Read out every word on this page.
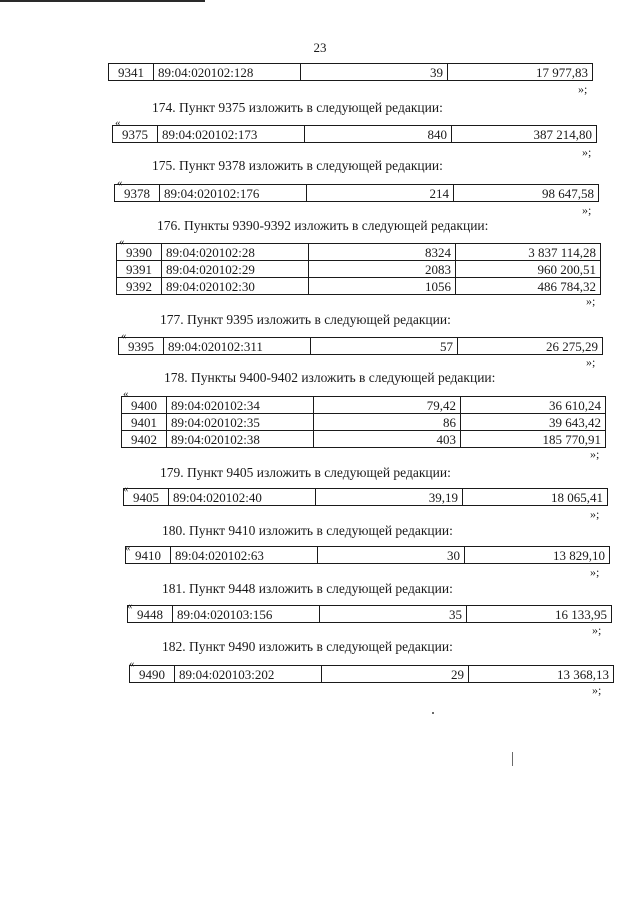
23
9341	89:04:020102:128	39	17 977,83
»;
174. Пункт 9375 изложить в следующей редакции:
«
9375	89:04:020102:173	840	387 214,80
»;
175. Пункт 9378 изложить в следующей редакции:
«
9378	89:04:020102:176	214	98 647,58
»;
176. Пункты 9390-9392 изложить в следующей редакции:
«
9390	89:04:020102:28	8324	3 837 114,28
9391	89:04:020102:29	2083	960 200,51
9392	89:04:020102:30	1056	486 784,32
»;
177. Пункт 9395 изложить в следующей редакции:
«
9395	89:04:020102:311	57	26 275,29
»;
178. Пункты 9400-9402 изложить в следующей редакции:
«
9400	89:04:020102:34	79,42	36 610,24
9401	89:04:020102:35	86	39 643,42
9402	89:04:020102:38	403	185 770,91
»;
179. Пункт 9405 изложить в следующей редакции:
«
9405	89:04:020102:40	39,19	18 065,41
»;
180. Пункт 9410 изложить в следующей редакции:
« 9410	89:04:020102:63	30	13 829,10
»;
181. Пункт 9448 изложить в следующей редакции:
«
9448	89:04:020103:156	35	16 133,95
»;
182. Пункт 9490 изложить в следующей редакции:
«
9490	89:04:020103:202	29	13 368,13
»;
